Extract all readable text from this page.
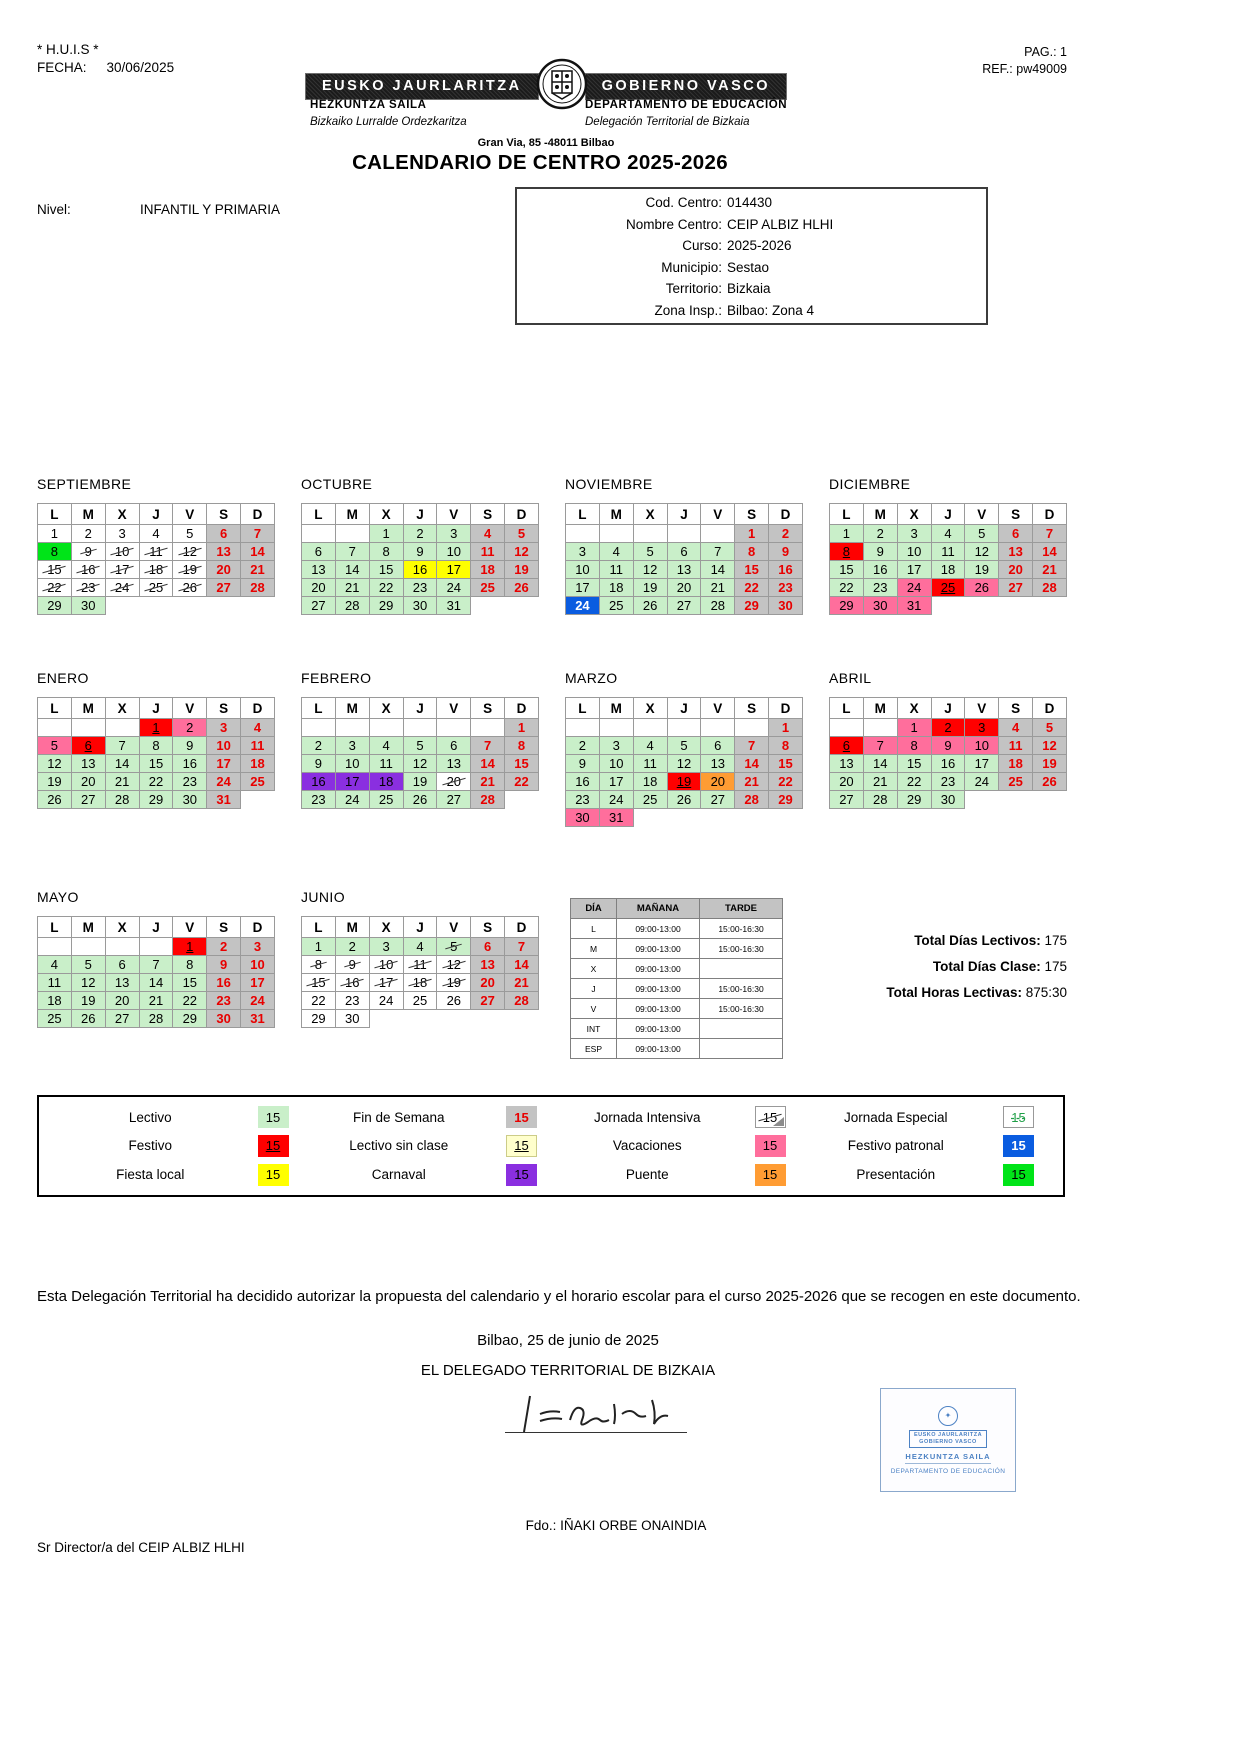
* H.U.I.S *
FECHA: 30/06/2025
PAG.: 1
REF.: pw49009
EUSKO JAURLARITZA	GOBIERNO VASCO
HEZKUNTZA SAILA
Bizkaiko Lurralde Ordezkaritza
DEPARTAMENTO DE EDUCACIÓN
Delegación Territorial de Bizkaia
Gran Via, 85 -48011 Bilbao
CALENDARIO DE CENTRO 2025-2026
Nivel:	INFANTIL Y PRIMARIA	Cod. Centro: 014430
Nombre Centro: CEIP ALBIZ HLHI
Curso: 2025-2026
Municipio: Sestao
Territorio: Bizkaia
Zona Insp.: Bilbao: Zona 4
SEPTIEMBRE
L	M	X	J	V	S	D
1	2	3	4	5	6	7
8	9	10	11	12	13	14
15	16	17	18	19	20	21
22	23	24	25	26	27	28
29	30					
OCTUBRE
L	M	X	J	V	S	D
		1	2	3	4	5
6	7	8	9	10	11	12
13	14	15	16	17	18	19
20	21	22	23	24	25	26
27	28	29	30	31		
NOVIEMBRE
L	M	X	J	V	S	D
					1	2
3	4	5	6	7	8	9
10	11	12	13	14	15	16
17	18	19	20	21	22	23
24	25	26	27	28	29	30
DICIEMBRE
L	M	X	J	V	S	D
1	2	3	4	5	6	7
8	9	10	11	12	13	14
15	16	17	18	19	20	21
22	23	24	25	26	27	28
29	30	31				
ENERO
L	M	X	J	V	S	D
			1	2	3	4
5	6	7	8	9	10	11
12	13	14	15	16	17	18
19	20	21	22	23	24	25
26	27	28	29	30	31	
FEBRERO
L	M	X	J	V	S	D
						1
2	3	4	5	6	7	8
9	10	11	12	13	14	15
16	17	18	19	20	21	22
23	24	25	26	27	28	
MARZO
L	M	X	J	V	S	D
						1
2	3	4	5	6	7	8
9	10	11	12	13	14	15
16	17	18	19	20	21	22
23	24	25	26	27	28	29
30	31					
ABRIL
L	M	X	J	V	S	D
		1	2	3	4	5
6	7	8	9	10	11	12
13	14	15	16	17	18	19
20	21	22	23	24	25	26
27	28	29	30			
MAYO
L	M	X	J	V	S	D
				1	2	3
4	5	6	7	8	9	10
11	12	13	14	15	16	17
18	19	20	21	22	23	24
25	26	27	28	29	30	31
JUNIO
L	M	X	J	V	S	D
1	2	3	4	5	6	7
8	9	10	11	12	13	14
15	16	17	18	19	20	21
22	23	24	25	26	27	28
29	30					
DÍA	MAÑANA	TARDE
L	09:00-13:00	15:00-16:30
M	09:00-13:00	15:00-16:30
X	09:00-13:00	
J	09:00-13:00	15:00-16:30
V	09:00-13:00	15:00-16:30
INT	09:00-13:00	
ESP	09:00-13:00	
Total Días Lectivos: 175
Total Días Clase: 175
Total Horas Lectivas: 875:30
Lectivo	15	Fin de Semana	15	Jornada Intensiva	15	Jornada Especial	15
Festivo	15	Lectivo sin clase	15	Vacaciones	15	Festivo patronal	15
Fiesta local	15	Carnaval	15	Puente	15	Presentación	15
Esta Delegación Territorial ha decidido autorizar la propuesta del calendario y el horario escolar para el curso 2025-2026 que se recogen en este documento.
Bilbao, 25 de junio de 2025
EL DELEGADO TERRITORIAL DE BIZKAIA
✦
EUSKO JAURLARITZA
GOBIERNO VASCO
HEZKUNTZA SAILA
DEPARTAMENTO DE EDUCACIÓN
Fdo.: IÑAKI ORBE ONAINDIA
Sr Director/a del CEIP ALBIZ HLHI
